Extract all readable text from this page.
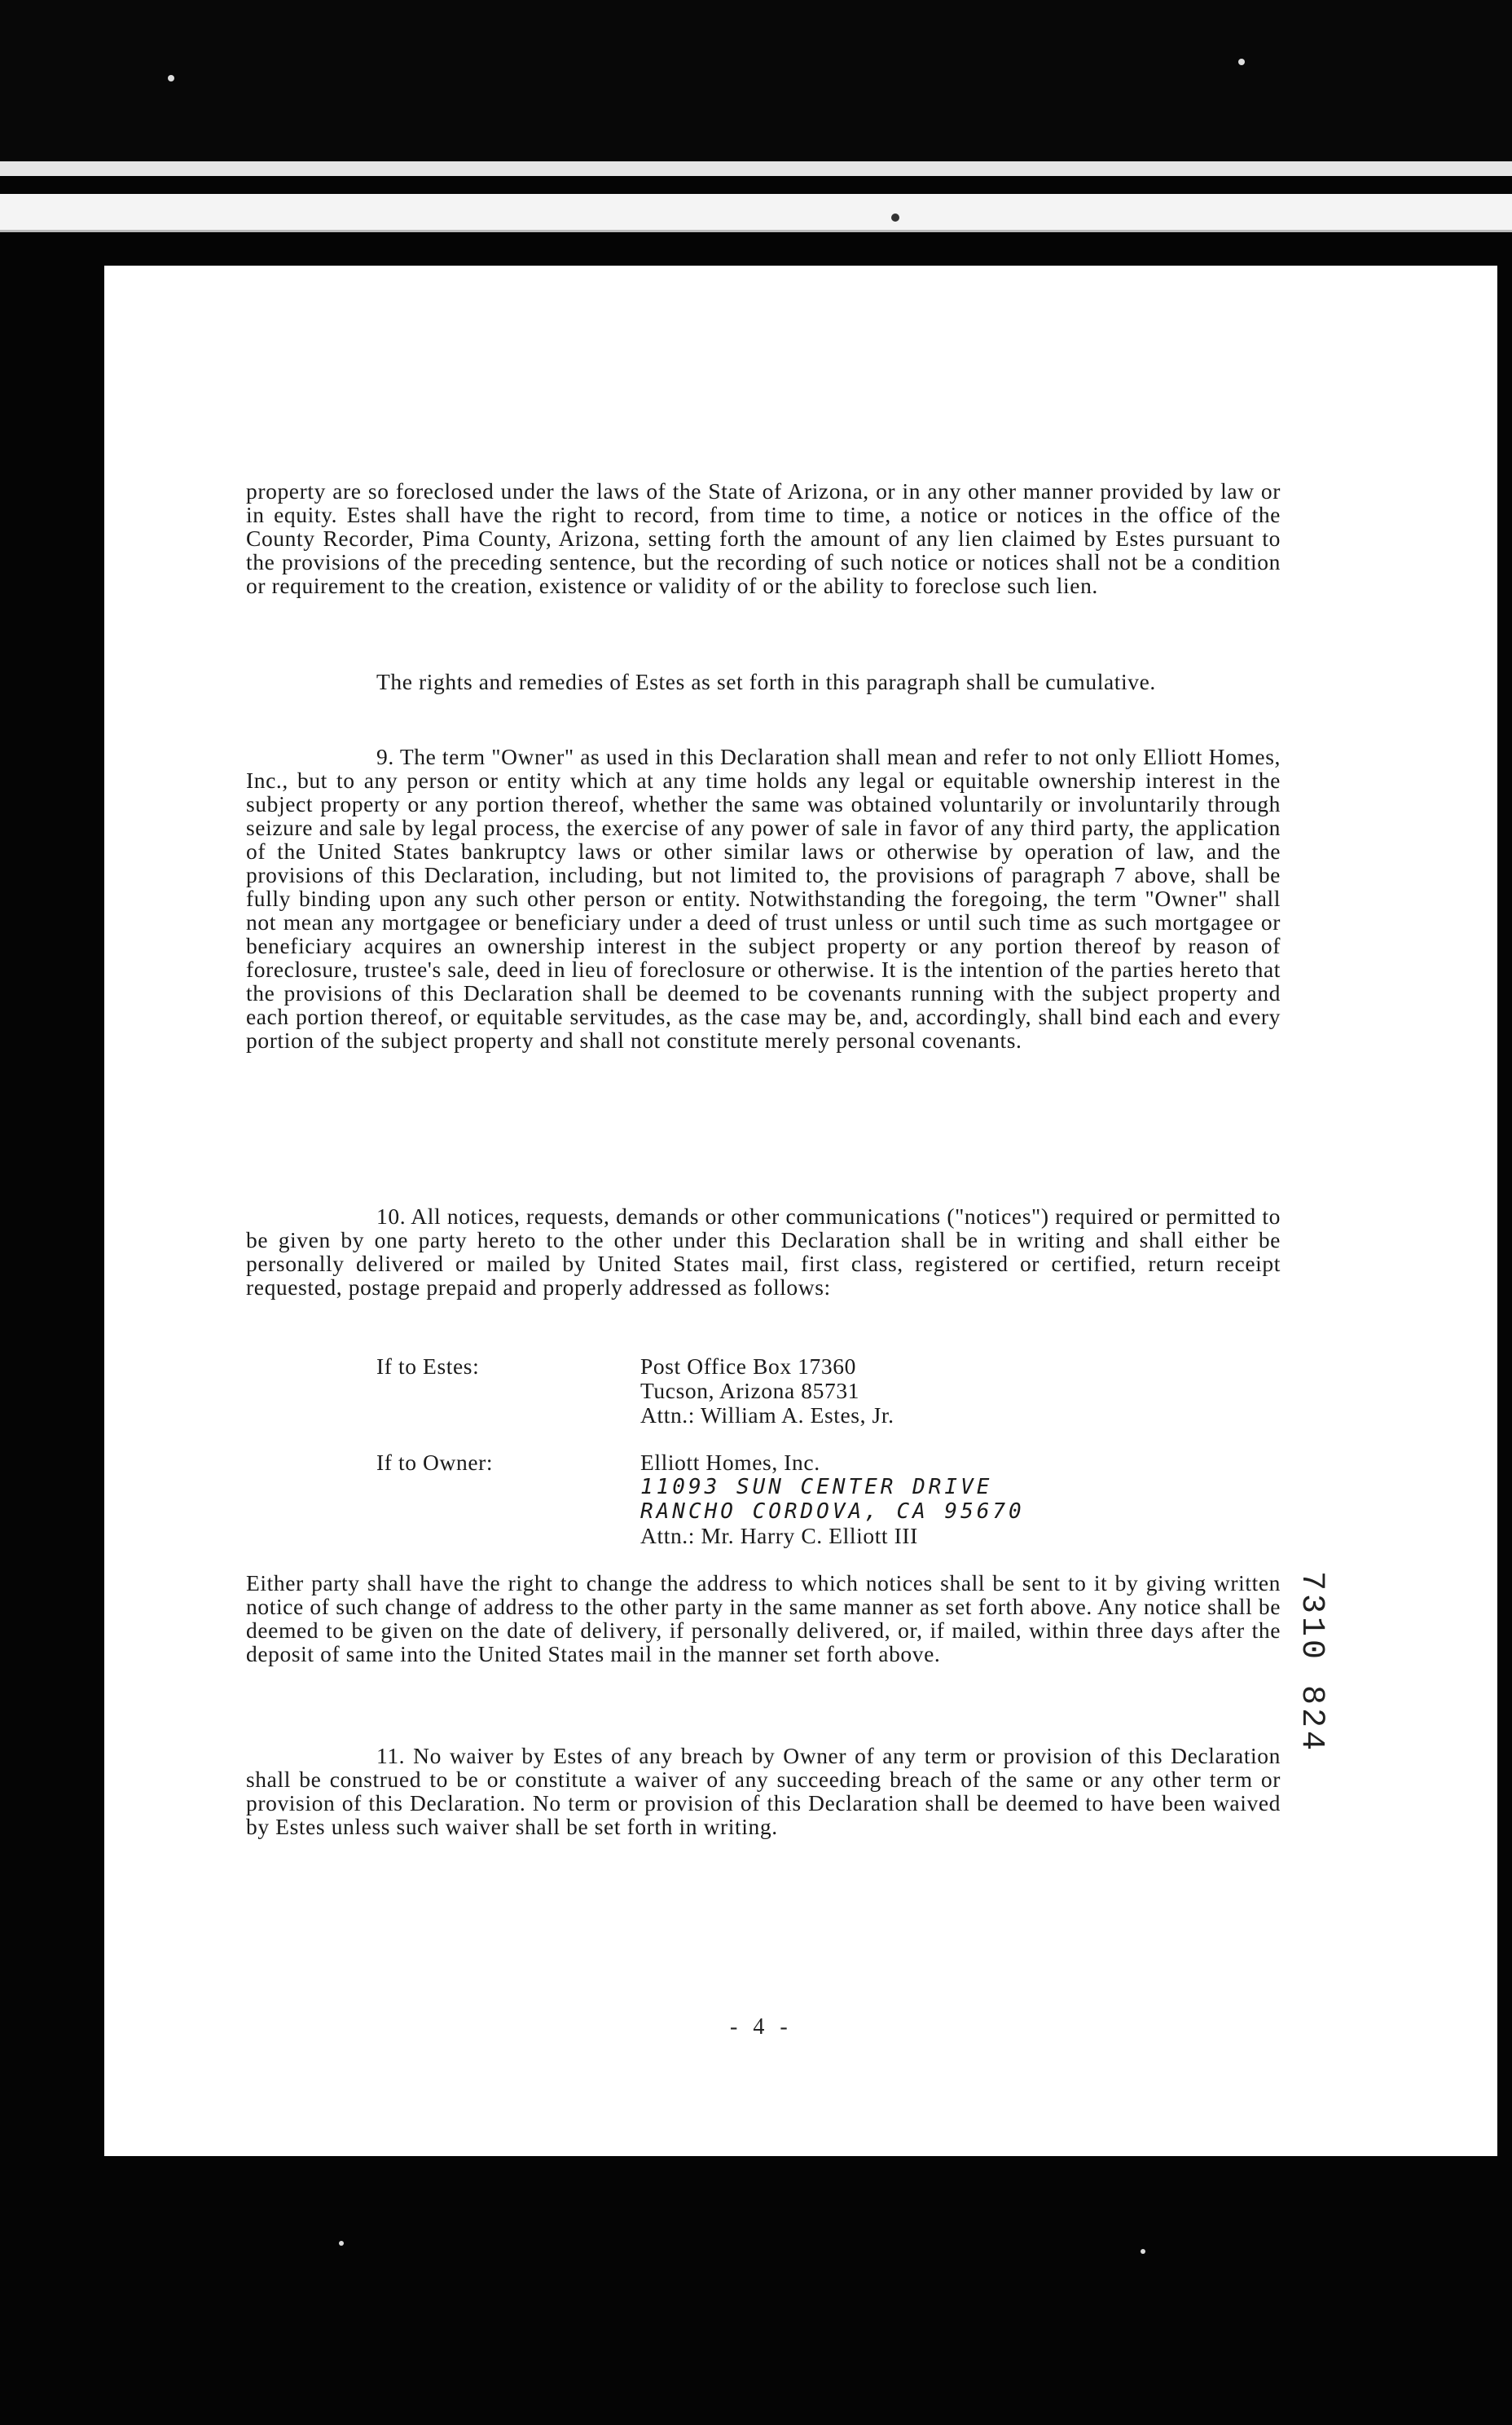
property are so foreclosed under the laws of the State of Arizona, or in any other manner provided by law or in equity. Estes shall have the right to record, from time to time, a notice or notices in the office of the County Recorder, Pima County, Arizona, setting forth the amount of any lien claimed by Estes pursuant to the provisions of the preceding sentence, but the recording of such notice or notices shall not be a condition or requirement to the creation, existence or validity of or the ability to foreclose such lien.

The rights and remedies of Estes as set forth in this paragraph shall be cumulative.

9. The term "Owner" as used in this Declaration shall mean and refer to not only Elliott Homes, Inc., but to any person or entity which at any time holds any legal or equitable ownership interest in the subject property or any portion thereof, whether the same was obtained voluntarily or involuntarily through seizure and sale by legal process, the exercise of any power of sale in favor of any third party, the application of the United States bankruptcy laws or other similar laws or otherwise by operation of law, and the provisions of this Declaration, including, but not limited to, the provisions of paragraph 7 above, shall be fully binding upon any such other person or entity. Notwithstanding the foregoing, the term "Owner" shall not mean any mortgagee or beneficiary under a deed of trust unless or until such time as such mortgagee or beneficiary acquires an ownership interest in the subject property or any portion thereof by reason of foreclosure, trustee's sale, deed in lieu of foreclosure or otherwise. It is the intention of the parties hereto that the provisions of this Declaration shall be deemed to be covenants running with the subject property and each portion thereof, or equitable servitudes, as the case may be, and, accordingly, shall bind each and every portion of the subject property and shall not constitute merely personal covenants.

10. All notices, requests, demands or other communications ("notices") required or permitted to be given by one party hereto to the other under this Declaration shall be in writing and shall either be personally delivered or mailed by United States mail, first class, registered or certified, return receipt requested, postage prepaid and properly addressed as follows:

If to Estes:	Post Office Box 17360
Tucson, Arizona 85731
Attn.: William A. Estes, Jr.
If to Owner:	Elliott Homes, Inc.
11093 SUN CENTER DRIVE
RANCHO CORDOVA, CA 95670
Attn.: Mr. Harry C. Elliott III

Either party shall have the right to change the address to which notices shall be sent to it by giving written notice of such change of address to the other party in the same manner as set forth above. Any notice shall be deemed to be given on the date of delivery, if personally delivered, or, if mailed, within three days after the deposit of same into the United States mail in the manner set forth above.

11. No waiver by Estes of any breach by Owner of any term or provision of this Declaration shall be construed to be or constitute a waiver of any succeeding breach of the same or any other term or provision of this Declaration. No term or provision of this Declaration shall be deemed to have been waived by Estes unless such waiver shall be set forth in writing.

- 4 -
7310 824
